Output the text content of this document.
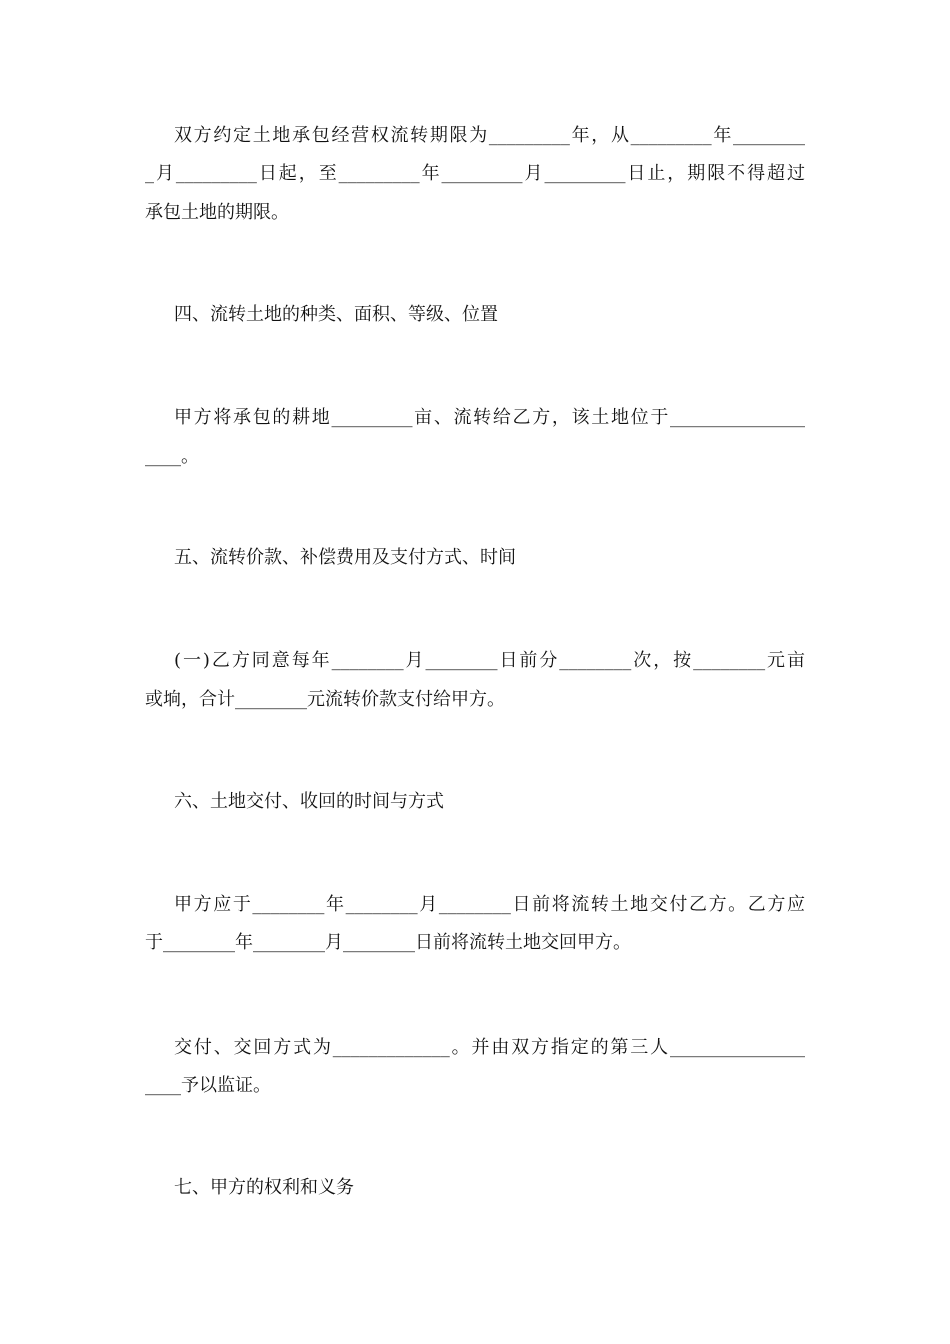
双方约定土地承包经营权流转期限为_________年，从_________年________
_月_________日起，至_________年_________月_________日止，期限不得超过
承包土地的期限。
四、流转土地的种类、面积、等级、位置
甲方将承包的耕地_________亩、流转给乙方，该土地位于_______________
____。
五、流转价款、补偿费用及支付方式、时间
(一)乙方同意每年________月________日前分________次，按________元亩
或垧，合计________元流转价款支付给甲方。
六、土地交付、收回的时间与方式
甲方应于________年________月________日前将流转土地交付乙方。乙方应
于________年________月________日前将流转土地交回甲方。
交付、交回方式为_____________。并由双方指定的第三人_______________
____予以监证。
七、甲方的权利和义务
